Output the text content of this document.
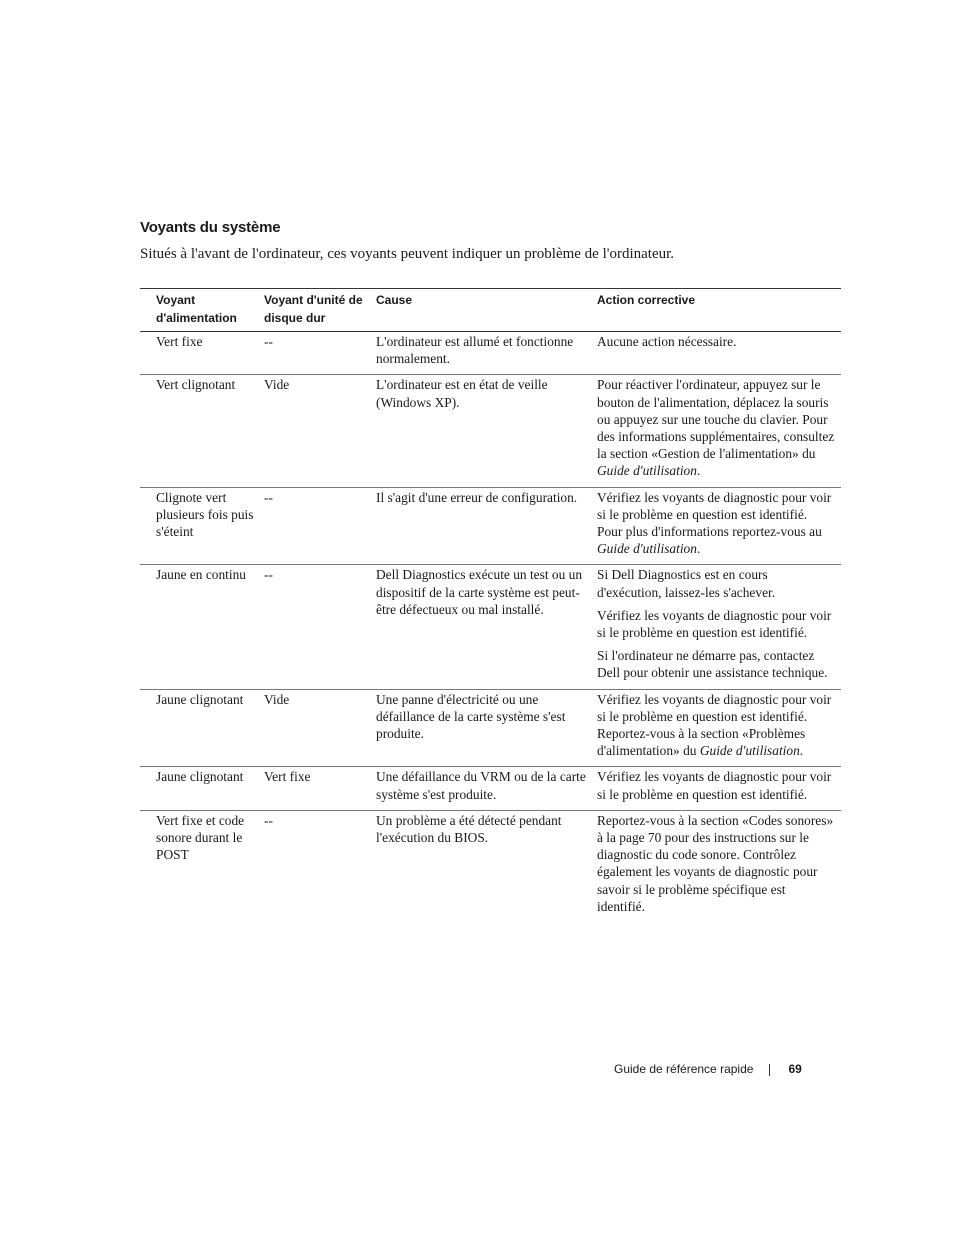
Voyants du système

Situés à l'avant de l'ordinateur, ces voyants peuvent indiquer un problème de l'ordinateur.

Voyant d'alimentation	Voyant d'unité de disque dur	Cause	Action corrective
Vert fixe	--	L'ordinateur est allumé et fonctionne normalement.	Aucune action nécessaire.

Vert clignotant	Vide	L'ordinateur est en état de veille (Windows XP).	Pour réactiver l'ordinateur, appuyez sur le bouton de l'alimentation, déplacez la souris ou appuyez sur une touche du clavier. Pour des informations supplémentaires, consultez la section «Gestion de l'alimentation» du Guide d'utilisation.

Clignote vert plusieurs fois puis s'éteint	--	Il s'agit d'une erreur de configuration.	Vérifiez les voyants de diagnostic pour voir si le problème en question est identifié. Pour plus d'informations reportez-vous au Guide d'utilisation.

Jaune en continu	--	Dell Diagnostics exécute un test ou un dispositif de la carte système est peut-être défectueux ou mal installé.	Si Dell Diagnostics est en cours d'exécution, laissez-les s'achever.

Vérifiez les voyants de diagnostic pour voir si le problème en question est identifié.

Si l'ordinateur ne démarre pas, contactez Dell pour obtenir une assistance technique.

Jaune clignotant	Vide	Une panne d'électricité ou une défaillance de la carte système s'est produite.	Vérifiez les voyants de diagnostic pour voir si le problème en question est identifié. Reportez-vous à la section «Problèmes d'alimentation» du Guide d'utilisation.

Jaune clignotant	Vert fixe	Une défaillance du VRM ou de la carte système s'est produite.	Vérifiez les voyants de diagnostic pour voir si le problème en question est identifié.

Vert fixe et code sonore durant le POST	--	Un problème a été détecté pendant l'exécution du BIOS.	Reportez-vous à la section «Codes sonores» à la page 70 pour des instructions sur le diagnostic du code sonore. Contrôlez également les voyants de diagnostic pour savoir si le problème spécifique est identifié.

Guide de référence rapide	69
